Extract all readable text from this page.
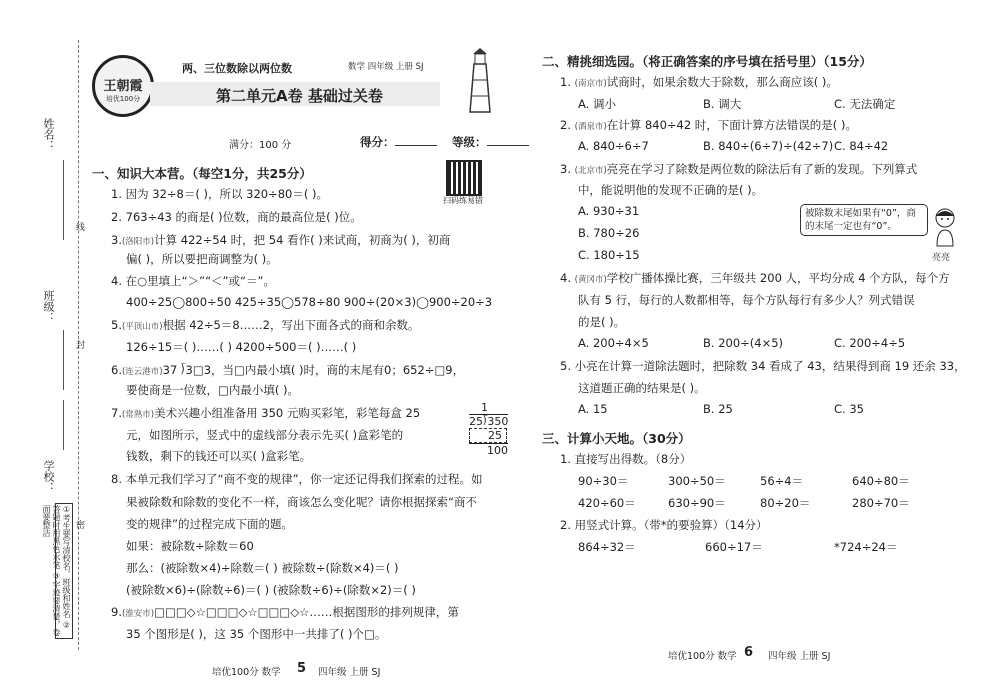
姓名：
班级：
学校：
线
封
密
①考生要写清校名，班级和姓名 ②答题时用黑色水笔 ③字迹要清楚，卷面要整洁
王朝霞
培优100分
两、三位数除以两位数	数学 四年级 上册 SJ
第二单元A卷 基础过关卷
满分：100 分	得分：	等级：
扫码练易错
一、知识大本营。（每空1分，共25分）
1. 因为 32÷8＝( )，所以 320÷80＝( )。
2. 763÷43 的商是( )位数，商的最高位是( )位。
3.(洛阳市)计算 422÷54 时，把 54 看作( )来试商，初商为( )，初商
偏( )，所以要把商调整为( )。
4. 在○里填上“＞”“＜”或“＝”。
400÷25◯800÷50 425÷35◯578÷80 900÷(20×3)◯900÷20÷3
5.(平顶山市)根据 42÷5＝8……2，写出下面各式的商和余数。
126÷15＝( )……( ) 4200÷500＝( )……( )
6.(连云港市)37 ⟌3□3，当□内最小填( )时，商的末尾有0；652÷□9，
要使商是一位数，□内最小填( )。
7.(常熟市)美术兴趣小组准备用 350 元购买彩笔，彩笔每盒 25
元，如图所示，竖式中的虚线部分表示先买( )盒彩笔的
钱数，剩下的钱还可以买( )盒彩笔。
1
25⟌350
25
100
8. 本单元我们学习了“商不变的规律”，你一定还记得我们探索的过程。如
果被除数和除数的变化不一样，商该怎么变化呢？请你根据探索“商不
变的规律”的过程完成下面的题。
如果：被除数÷除数＝60
那么：(被除数×4)÷除数＝( ) 被除数÷(除数×4)＝( )
(被除数×6)÷(除数÷6)＝( ) (被除数÷6)÷(除数×2)＝( )
9.(淮安市)□□□◇☆□□□◇☆□□□◇☆……根据图形的排列规律，第
35 个图形是( )，这 35 个图形中一共排了( )个□。
培优100分 数学 5 四年级 上册 SJ
二、精挑细选园。（将正确答案的序号填在括号里）（15分）
1. (南京市)试商时，如果余数大于除数，那么商应该( )。
A. 调小	B. 调大	C. 无法确定
2. (酒泉市)在计算 840÷42 时，下面计算方法错误的是( )。
A. 840÷6÷7	B. 840÷(6÷7)÷(42÷7) C. 84÷42
3. (北京市)亮亮在学习了除数是两位数的除法后有了新的发现。下列算式
中，能说明他的发现不正确的是( )。
A. 930÷31
B. 780÷26
C. 180÷15
被除数末尾如果有“0”，商的末尾一定也有“0”。
亮亮
4. (黄冈市)学校广播体操比赛，三年级共 200 人，平均分成 4 个方队，每个方
队有 5 行，每行的人数都相等，每个方队每行有多少人？列式错误
的是( )。
A. 200÷4×5	B. 200÷(4×5)	C. 200÷4÷5
5. 小亮在计算一道除法题时，把除数 34 看成了 43，结果得到商 19 还余 33，
这道题正确的结果是( )。
A. 15	B. 25	C. 35
三、计算小天地。（30分）
1. 直接写出得数。（8分）
90÷30＝	300÷50＝	56÷4＝	640÷80＝
420÷60＝	630÷90＝	80÷20＝	280÷70＝
2. 用竖式计算。（带*的要验算）（14分）
864÷32＝	660÷17＝	*724÷24＝
培优100分 数学 6 四年级 上册 SJ
